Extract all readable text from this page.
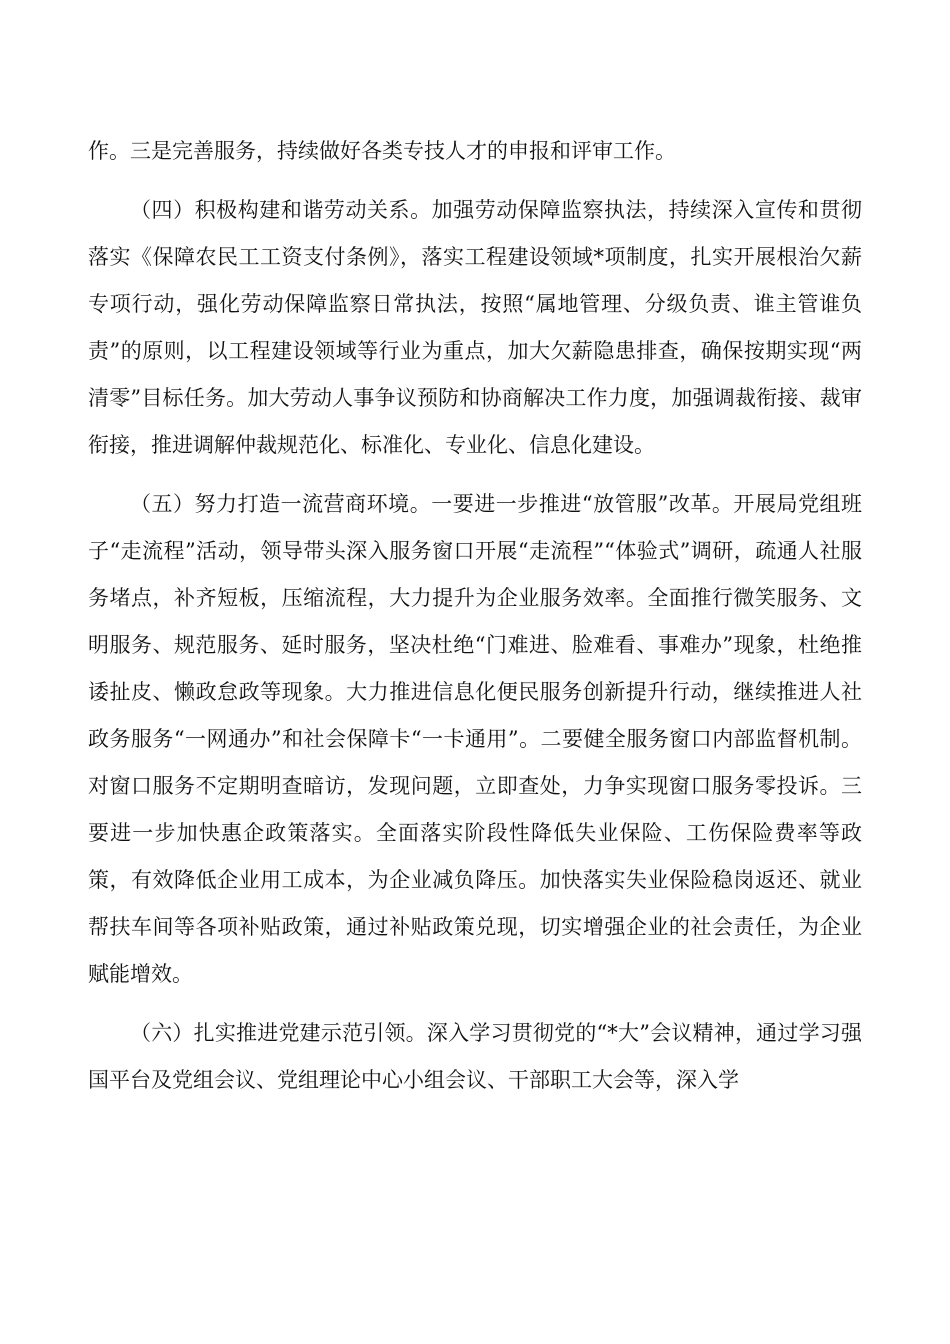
作。三是完善服务，持续做好各类专技人才的申报和评审工作。

（四）积极构建和谐劳动关系。加强劳动保障监察执法，持续深入宣传和贯彻落实《保障农民工工资支付条例》，落实工程建设领域*项制度，扎实开展根治欠薪专项行动，强化劳动保障监察日常执法，按照“属地管理、分级负责、谁主管谁负责”的原则，以工程建设领域等行业为重点，加大欠薪隐患排查，确保按期实现“两清零”目标任务。加大劳动人事争议预防和协商解决工作力度，加强调裁衔接、裁审衔接，推进调解仲裁规范化、标准化、专业化、信息化建设。

（五）努力打造一流营商环境。一要进一步推进“放管服”改革。开展局党组班子“走流程”活动，领导带头深入服务窗口开展“走流程”“体验式”调研，疏通人社服务堵点，补齐短板，压缩流程，大力提升为企业服务效率。全面推行微笑服务、文明服务、规范服务、延时服务，坚决杜绝“门难进、脸难看、事难办”现象，杜绝推诿扯皮、懒政怠政等现象。大力推进信息化便民服务创新提升行动，继续推进人社政务服务“一网通办”和社会保障卡“一卡通用”。二要健全服务窗口内部监督机制。对窗口服务不定期明查暗访，发现问题，立即查处，力争实现窗口服务零投诉。三要进一步加快惠企政策落实。全面落实阶段性降低失业保险、工伤保险费率等政策，有效降低企业用工成本，为企业减负降压。加快落实失业保险稳岗返还、就业帮扶车间等各项补贴政策，通过补贴政策兑现，切实增强企业的社会责任，为企业赋能增效。

（六）扎实推进党建示范引领。深入学习贯彻党的“*大”会议精神，通过学习强国平台及党组会议、党组理论中心小组会议、干部职工大会等，深入学
